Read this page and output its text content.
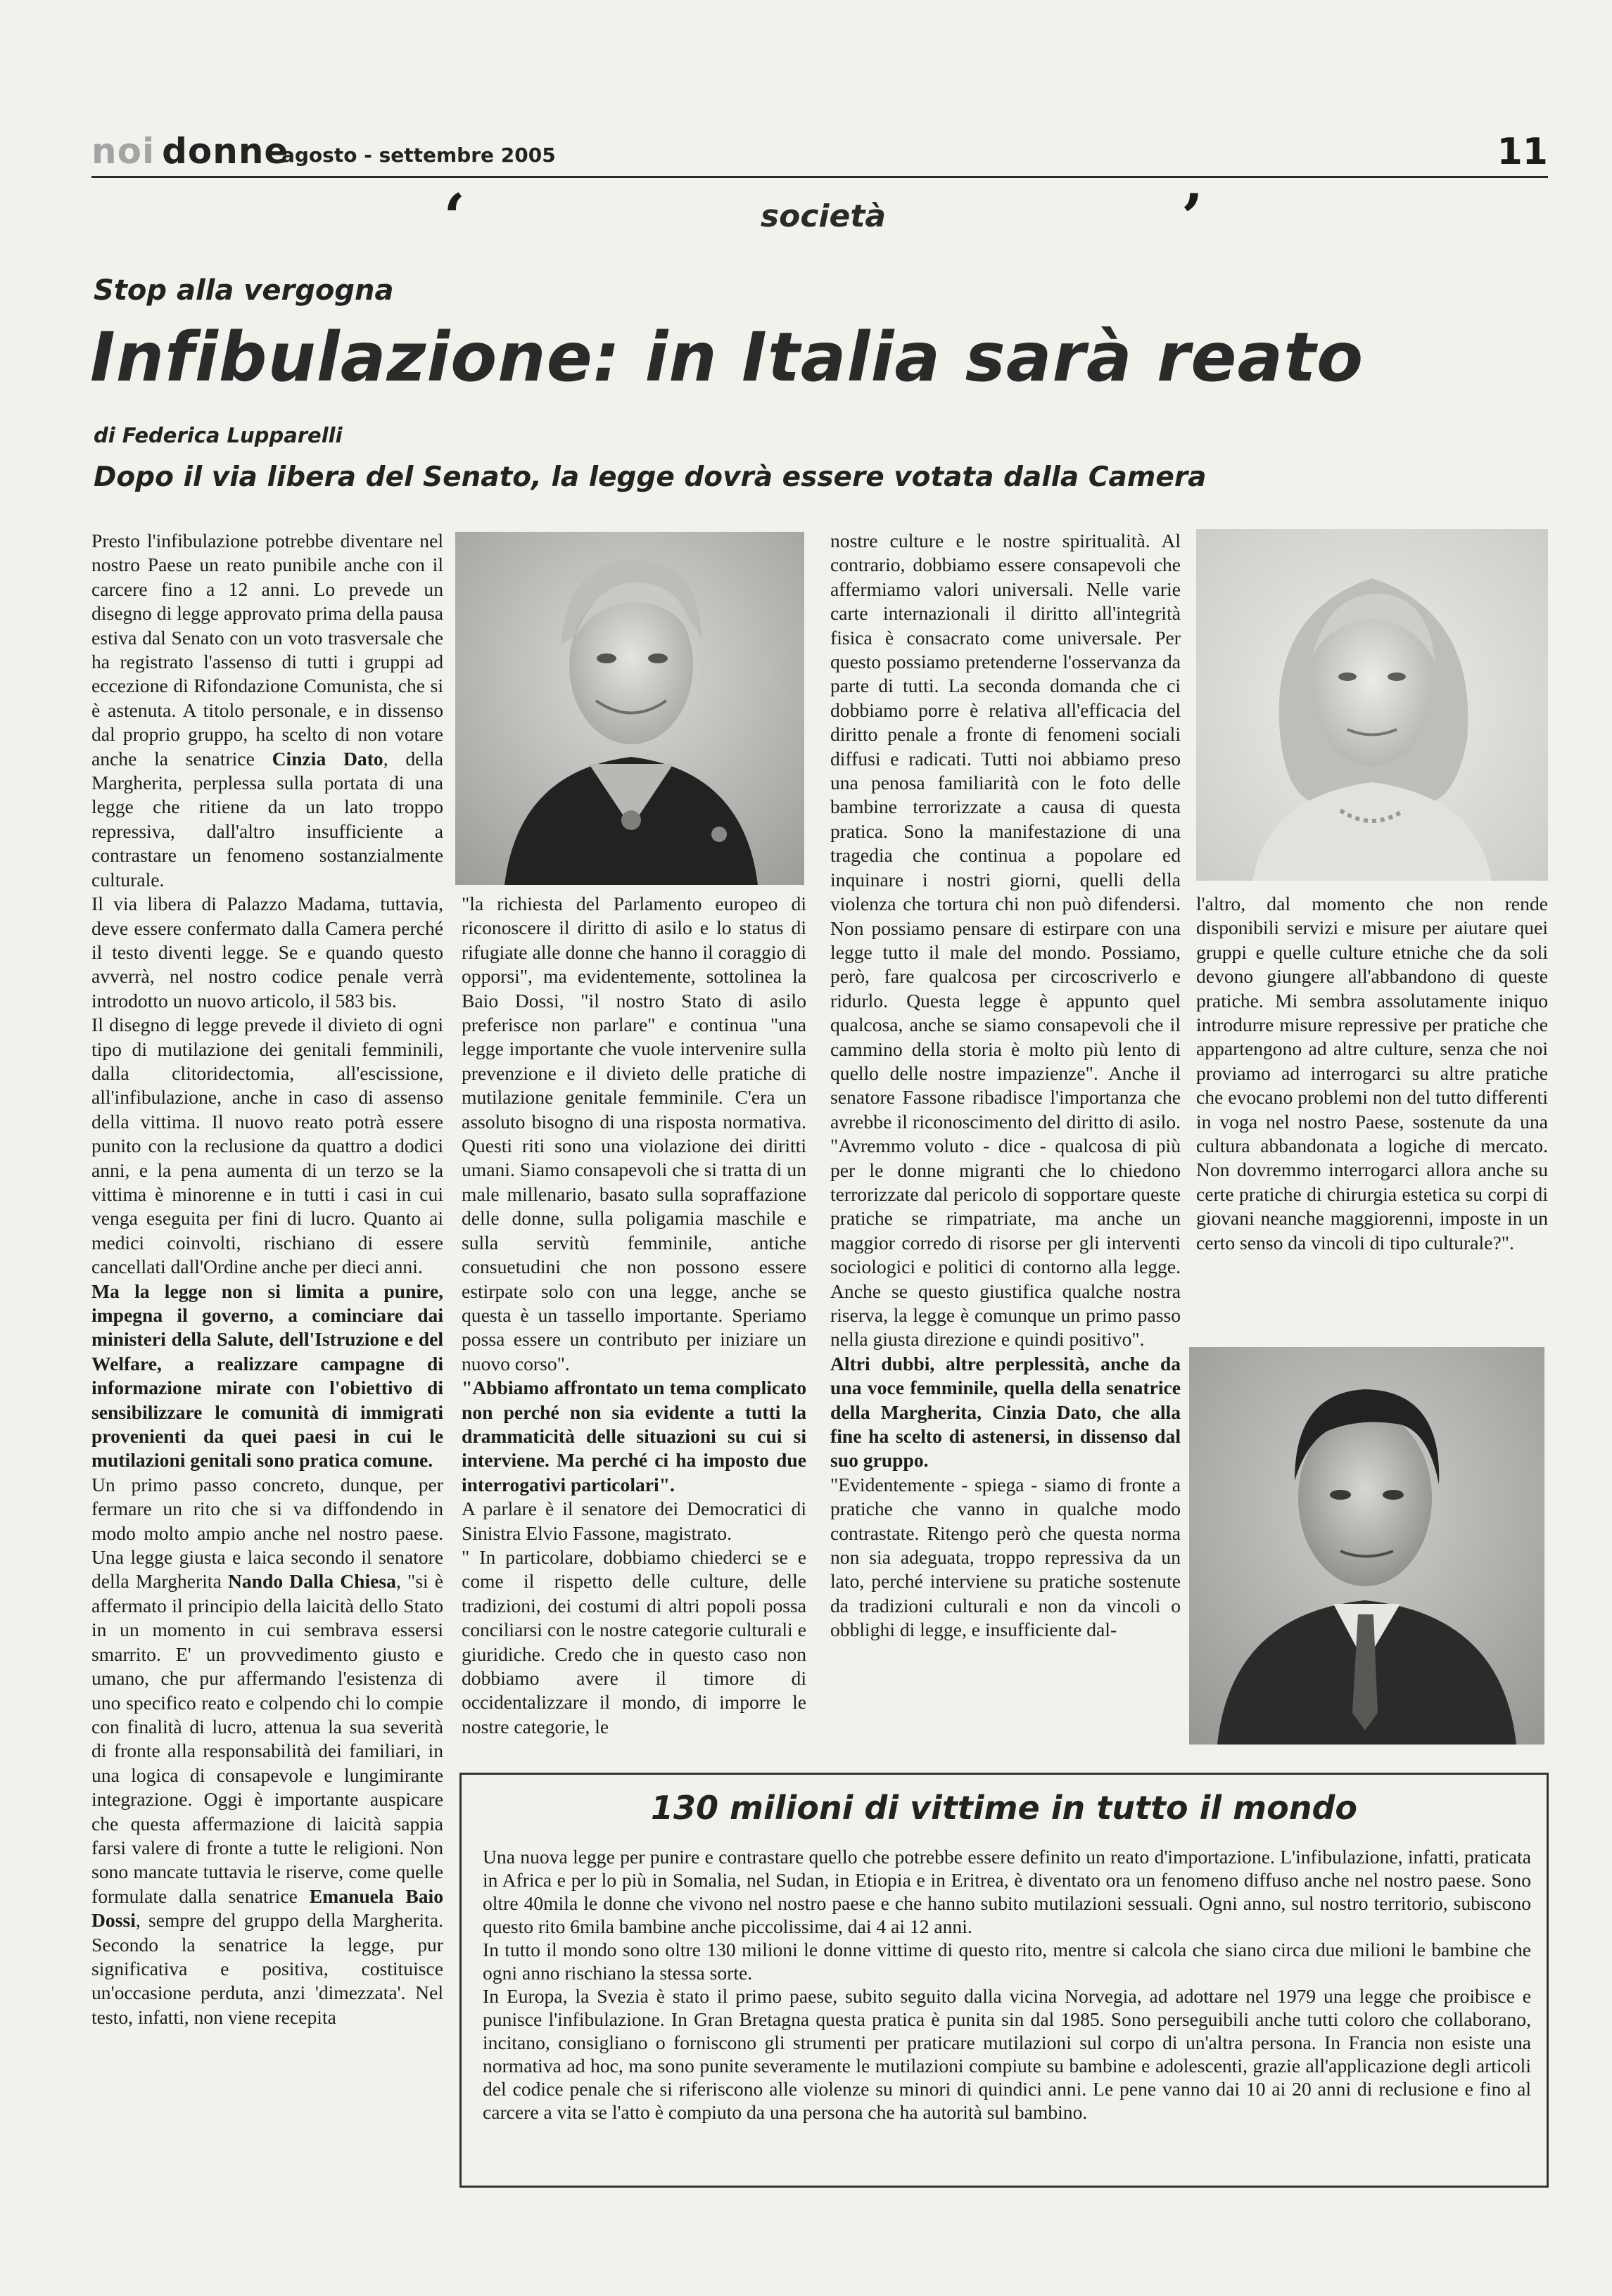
noi donne
agosto - settembre 2005	11
‘	società	’
Stop alla vergogna
Infibulazione: in Italia sarà reato
di Federica Lupparelli
Dopo il via libera del Senato, la legge dovrà essere votata dalla Camera

Presto l'infibulazione potrebbe diventare nel nostro Paese un reato punibile anche con il carcere fino a 12 anni. Lo prevede un disegno di legge approvato prima della pausa estiva dal Senato con un voto trasversale che ha registrato l'assenso di tutti i gruppi ad eccezione di Rifondazione Comunista, che si è astenuta. A titolo personale, e in dissenso dal proprio gruppo, ha scelto di non votare anche la senatrice Cinzia Dato, della Margherita, perplessa sulla portata di una legge che ritiene da un lato troppo repressiva, dall'altro insufficiente a contrastare un fenomeno sostanzialmente culturale.

Il via libera di Palazzo Madama, tuttavia, deve essere confermato dalla Camera perché il testo diventi legge. Se e quando questo avverrà, nel nostro codice penale verrà introdotto un nuovo articolo, il 583 bis.

Il disegno di legge prevede il divieto di ogni tipo di mutilazione dei genitali femminili, dalla clitoridectomia, all'escissione, all'infibulazione, anche in caso di assenso della vittima. Il nuovo reato potrà essere punito con la reclusione da quattro a dodici anni, e la pena aumenta di un terzo se la vittima è minorenne e in tutti i casi in cui venga eseguita per fini di lucro. Quanto ai medici coinvolti, rischiano di essere cancellati dall'Ordine anche per dieci anni.

Ma la legge non si limita a punire, impegna il governo, a cominciare dai ministeri della Salute, dell'Istruzione e del Welfare, a realizzare campagne di informazione mirate con l'obiettivo di sensibilizzare le comunità di immigrati provenienti da quei paesi in cui le mutilazioni genitali sono pratica comune.

Un primo passo concreto, dunque, per fermare un rito che si va diffondendo in modo molto ampio anche nel nostro paese. Una legge giusta e laica secondo il senatore della Margherita Nando Dalla Chiesa, "si è affermato il principio della laicità dello Stato in un momento in cui sembrava essersi smarrito. E' un provvedimento giusto e umano, che pur affermando l'esistenza di uno specifico reato e colpendo chi lo compie con finalità di lucro, attenua la sua severità di fronte alla responsabilità dei familiari, in una logica di consapevole e lungimirante integrazione. Oggi è importante auspicare che questa affermazione di laicità sappia farsi valere di fronte a tutte le religioni. Non sono mancate tuttavia le riserve, come quelle formulate dalla senatrice Emanuela Baio Dossi, sempre del gruppo della Margherita. Secondo la senatrice la legge, pur significativa e positiva, costituisce un'occasione perduta, anzi 'dimezzata'. Nel testo, infatti, non viene recepita

"la richiesta del Parlamento europeo di riconoscere il diritto di asilo e lo status di rifugiate alle donne che hanno il coraggio di opporsi", ma evidentemente, sottolinea la Baio Dossi, "il nostro Stato di asilo preferisce non parlare" e continua "una legge importante che vuole intervenire sulla prevenzione e il divieto delle pratiche di mutilazione genitale femminile. C'era un assoluto bisogno di una risposta normativa. Questi riti sono una violazione dei diritti umani. Siamo consapevoli che si tratta di un male millenario, basato sulla sopraffazione delle donne, sulla poligamia maschile e sulla servitù femminile, antiche consuetudini che non possono essere estirpate solo con una legge, anche se questa è un tassello importante. Speriamo possa essere un contributo per iniziare un nuovo corso".

"Abbiamo affrontato un tema complicato non perché non sia evidente a tutti la drammaticità delle situazioni su cui si interviene. Ma perché ci ha imposto due interrogativi particolari".

A parlare è il senatore dei Democratici di Sinistra Elvio Fassone, magistrato.

" In particolare, dobbiamo chiederci se e come il rispetto delle culture, delle tradizioni, dei costumi di altri popoli possa conciliarsi con le nostre categorie culturali e giuridiche. Credo che in questo caso non dobbiamo avere il timore di occidentalizzare il mondo, di imporre le nostre categorie, le

nostre culture e le nostre spiritualità. Al contrario, dobbiamo essere consapevoli che affermiamo valori universali. Nelle varie carte internazionali il diritto all'integrità fisica è consacrato come universale. Per questo possiamo pretenderne l'osservanza da parte di tutti. La seconda domanda che ci dobbiamo porre è relativa all'efficacia del diritto penale a fronte di fenomeni sociali diffusi e radicati. Tutti noi abbiamo preso una penosa familiarità con le foto delle bambine terrorizzate a causa di questa pratica. Sono la manifestazione di una tragedia che continua a popolare ed inquinare i nostri giorni, quelli della violenza che tortura chi non può difendersi. Non possiamo pensare di estirpare con una legge tutto il male del mondo. Possiamo, però, fare qualcosa per circoscriverlo e ridurlo. Questa legge è appunto quel qualcosa, anche se siamo consapevoli che il cammino della storia è molto più lento di quello delle nostre impazienze". Anche il senatore Fassone ribadisce l'importanza che avrebbe il riconoscimento del diritto di asilo. "Avremmo voluto - dice - qualcosa di più per le donne migranti che lo chiedono terrorizzate dal pericolo di sopportare queste pratiche se rimpatriate, ma anche un maggior corredo di risorse per gli interventi sociologici e politici di contorno alla legge. Anche se questo giustifica qualche nostra riserva, la legge è comunque un primo passo nella giusta direzione e quindi positivo".

Altri dubbi, altre perplessità, anche da una voce femminile, quella della senatrice della Margherita, Cinzia Dato, che alla fine ha scelto di astenersi, in dissenso dal suo gruppo.

"Evidentemente - spiega - siamo di fronte a pratiche che vanno in qualche modo contrastate. Ritengo però che questa norma non sia adeguata, troppo repressiva da un lato, perché interviene su pratiche sostenute da tradizioni culturali e non da vincoli o obblighi di legge, e insufficiente dal-

l'altro, dal momento che non rende disponibili servizi e misure per aiutare quei gruppi e quelle culture etniche che da soli devono giungere all'abbandono di queste pratiche. Mi sembra assolutamente iniquo introdurre misure repressive per pratiche che appartengono ad altre culture, senza che noi proviamo ad interrogarci su altre pratiche che evocano problemi non del tutto differenti in voga nel nostro Paese, sostenute da una cultura abbandonata a logiche di mercato. Non dovremmo interrogarci allora anche su certe pratiche di chirurgia estetica su corpi di giovani neanche maggiorenni, imposte in un certo senso da vincoli di tipo culturale?".

130 milioni di vittime in tutto il mondo

Una nuova legge per punire e contrastare quello che potrebbe essere definito un reato d'importazione. L'infibulazione, infatti, praticata in Africa e per lo più in Somalia, nel Sudan, in Etiopia e in Eritrea, è diventato ora un fenomeno diffuso anche nel nostro paese. Sono oltre 40mila le donne che vivono nel nostro paese e che hanno subito mutilazioni sessuali. Ogni anno, sul nostro territorio, subiscono questo rito 6mila bambine anche piccolissime, dai 4 ai 12 anni.

In tutto il mondo sono oltre 130 milioni le donne vittime di questo rito, mentre si calcola che siano circa due milioni le bambine che ogni anno rischiano la stessa sorte.

In Europa, la Svezia è stato il primo paese, subito seguito dalla vicina Norvegia, ad adottare nel 1979 una legge che proibisce e punisce l'infibulazione. In Gran Bretagna questa pratica è punita sin dal 1985. Sono perseguibili anche tutti coloro che collaborano, incitano, consigliano o forniscono gli strumenti per praticare mutilazioni sul corpo di un'altra persona. In Francia non esiste una normativa ad hoc, ma sono punite severamente le mutilazioni compiute su bambine e adolescenti, grazie all'applicazione degli articoli del codice penale che si riferiscono alle violenze su minori di quindici anni. Le pene vanno dai 10 ai 20 anni di reclusione e fino al carcere a vita se l'atto è compiuto da una persona che ha autorità sul bambino.
